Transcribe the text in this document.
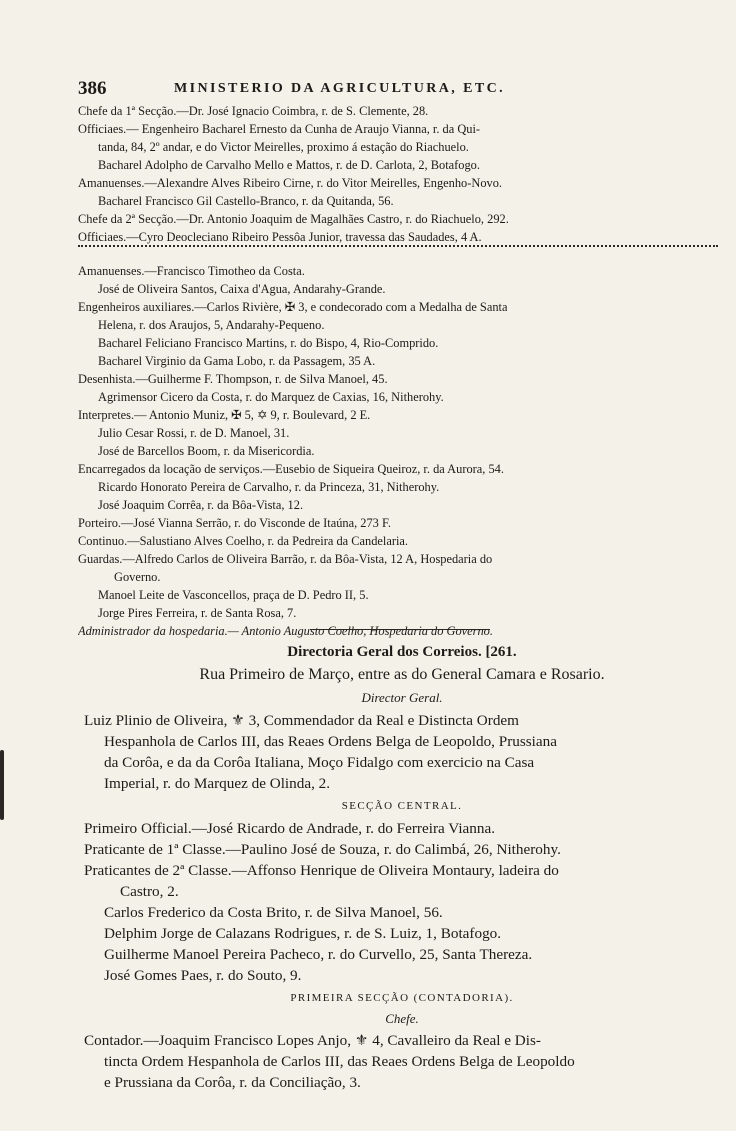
386	MINISTERIO DA AGRICULTURA, ETC.
Chefe da 1ª Secção.—Dr. José Ignacio Coimbra, r. de S. Clemente, 28.
Officiaes.— Engenheiro Bacharel Ernesto da Cunha de Araujo Vianna, r. da Qui-
tanda, 84, 2º andar, e do Victor Meirelles, proximo á estação do Riachuelo.
Bacharel Adolpho de Carvalho Mello e Mattos, r. de D. Carlota, 2, Botafogo.
Amanuenses.—Alexandre Alves Ribeiro Cirne, r. do Vitor Meirelles, Engenho-Novo.
Bacharel Francisco Gil Castello-Branco, r. da Quitanda, 56.
Chefe da 2ª Secção.—Dr. Antonio Joaquim de Magalhães Castro, r. do Riachuelo, 292.
Officiaes.—Cyro Deocleciano Ribeiro Pessôa Junior, travessa das Saudades, 4 A.
Amanuenses.—Francisco Timotheo da Costa.
José de Oliveira Santos, Caixa d'Agua, Andarahy-Grande.
Engenheiros auxiliares.—Carlos Rivière, ✠ 3, e condecorado com a Medalha de Santa
Helena, r. dos Araujos, 5, Andarahy-Pequeno.
Bacharel Feliciano Francisco Martins, r. do Bispo, 4, Rio-Comprido.
Bacharel Virginio da Gama Lobo, r. da Passagem, 35 A.
Desenhista.—Guilherme F. Thompson, r. de Silva Manoel, 45.
Agrimensor Cicero da Costa, r. do Marquez de Caxias, 16, Nitherohy.
Interpretes.— Antonio Muniz, ✠ 5, ✡ 9, r. Boulevard, 2 E.
Julio Cesar Rossi, r. de D. Manoel, 31.
José de Barcellos Boom, r. da Misericordia.
Encarregados da locação de serviços.—Eusebio de Siqueira Queiroz, r. da Aurora, 54.
Ricardo Honorato Pereira de Carvalho, r. da Princeza, 31, Nitherohy.
José Joaquim Corrêa, r. da Bôa-Vista, 12.
Porteiro.—José Vianna Serrão, r. do Visconde de Itaúna, 273 F.
Continuo.—Salustiano Alves Coelho, r. da Pedreira da Candelaria.
Guardas.—Alfredo Carlos de Oliveira Barrão, r. da Bôa-Vista, 12 A, Hospedaria do
Governo.
Manoel Leite de Vasconcellos, praça de D. Pedro II, 5.
Jorge Pires Ferreira, r. de Santa Rosa, 7.
Administrador da hospedaria.— Antonio Augusto Coelho, Hospedaria do Governo.
Directoria Geral dos Correios. [261.
Rua Primeiro de Março, entre as do General Camara e Rosario.
Director Geral.
Luiz Plinio de Oliveira, ⚜ 3, Commendador da Real e Distincta Ordem
Hespanhola de Carlos III, das Reaes Ordens Belga de Leopoldo, Prussiana
da Corôa, e da da Corôa Italiana, Moço Fidalgo com exercicio na Casa
Imperial, r. do Marquez de Olinda, 2.
SECÇÃO CENTRAL.
Primeiro Official.—José Ricardo de Andrade, r. do Ferreira Vianna.
Praticante de 1ª Classe.—Paulino José de Souza, r. do Calimbá, 26, Nitherohy.
Praticantes de 2ª Classe.—Affonso Henrique de Oliveira Montaury, ladeira do
Castro, 2.
Carlos Frederico da Costa Brito, r. de Silva Manoel, 56.
Delphim Jorge de Calazans Rodrigues, r. de S. Luiz, 1, Botafogo.
Guilherme Manoel Pereira Pacheco, r. do Curvello, 25, Santa Thereza.
José Gomes Paes, r. do Souto, 9.
PRIMEIRA SECÇÃO (CONTADORIA).
Chefe.
Contador.—Joaquim Francisco Lopes Anjo, ⚜ 4, Cavalleiro da Real e Dis-
tincta Ordem Hespanhola de Carlos III, das Reaes Ordens Belga de Leopoldo
e Prussiana da Corôa, r. da Conciliação, 3.
